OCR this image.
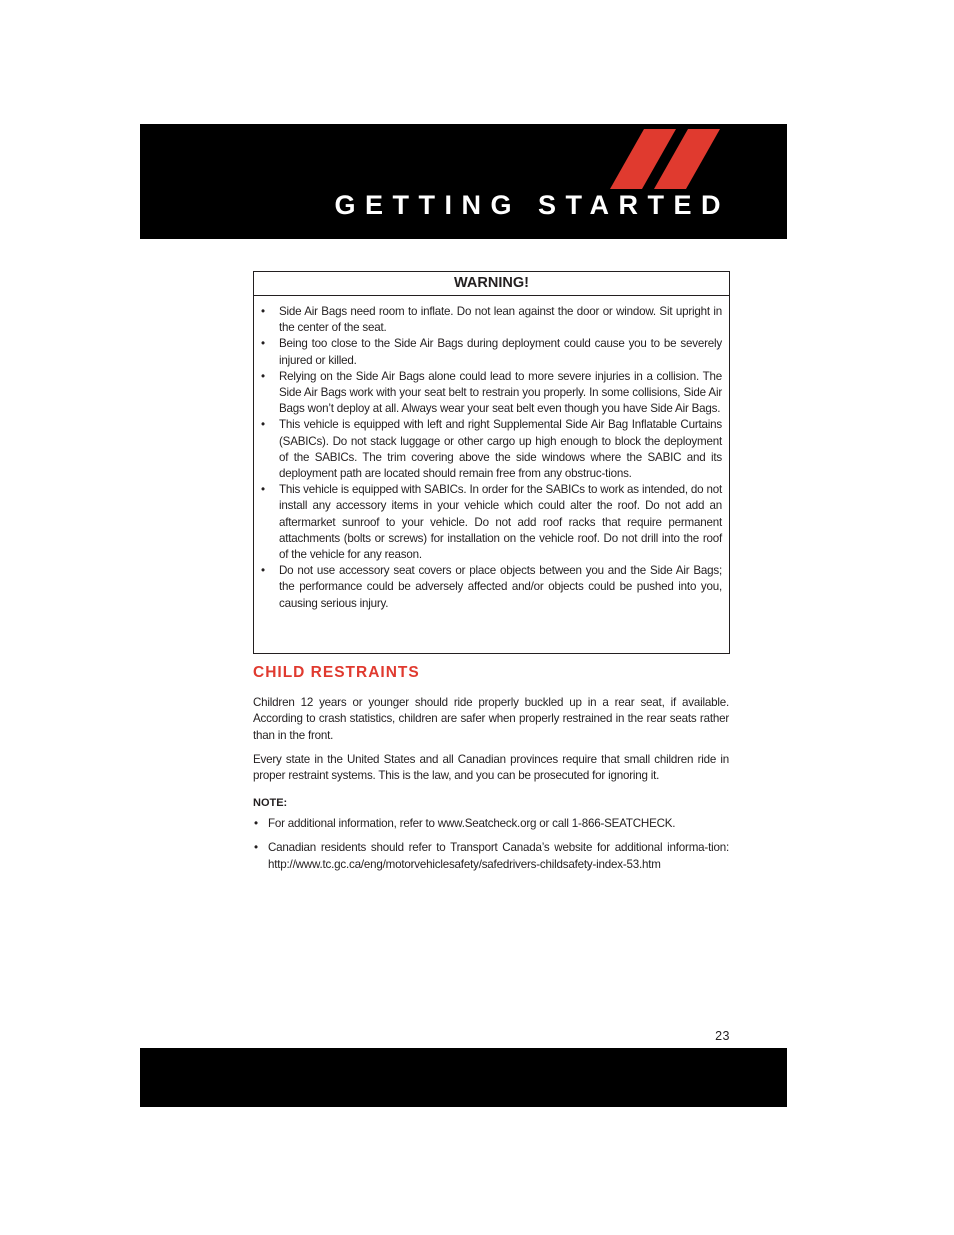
GETTING STARTED
WARNING!
• Side Air Bags need room to inflate. Do not lean against the door or window. Sit upright in the center of the seat.
• Being too close to the Side Air Bags during deployment could cause you to be severely injured or killed.
• Relying on the Side Air Bags alone could lead to more severe injuries in a collision. The Side Air Bags work with your seat belt to restrain you properly. In some collisions, Side Air Bags won’t deploy at all. Always wear your seat belt even though you have Side Air Bags.
• This vehicle is equipped with left and right Supplemental Side Air Bag Inflatable Curtains (SABICs). Do not stack luggage or other cargo up high enough to block the deployment of the SABICs. The trim covering above the side windows where the SABIC and its deployment path are located should remain free from any obstruc-tions.
• This vehicle is equipped with SABICs. In order for the SABICs to work as intended, do not install any accessory items in your vehicle which could alter the roof. Do not add an aftermarket sunroof to your vehicle. Do not add roof racks that require permanent attachments (bolts or screws) for installation on the vehicle roof. Do not drill into the roof of the vehicle for any reason.
• Do not use accessory seat covers or place objects between you and the Side Air Bags; the performance could be adversely affected and/or objects could be pushed into you, causing serious injury.
CHILD RESTRAINTS

Children 12 years or younger should ride properly buckled up in a rear seat, if available. According to crash statistics, children are safer when properly restrained in the rear seats rather than in the front.

Every state in the United States and all Canadian provinces require that small children ride in proper restraint systems. This is the law, and you can be prosecuted for ignoring it.

NOTE:
• For additional information, refer to www.Seatcheck.org or call 1-866-SEATCHECK.
• Canadian residents should refer to Transport Canada’s website for additional informa-tion: http://www.tc.gc.ca/eng/motorvehiclesafety/safedrivers-childsafety-index-53.htm
23
